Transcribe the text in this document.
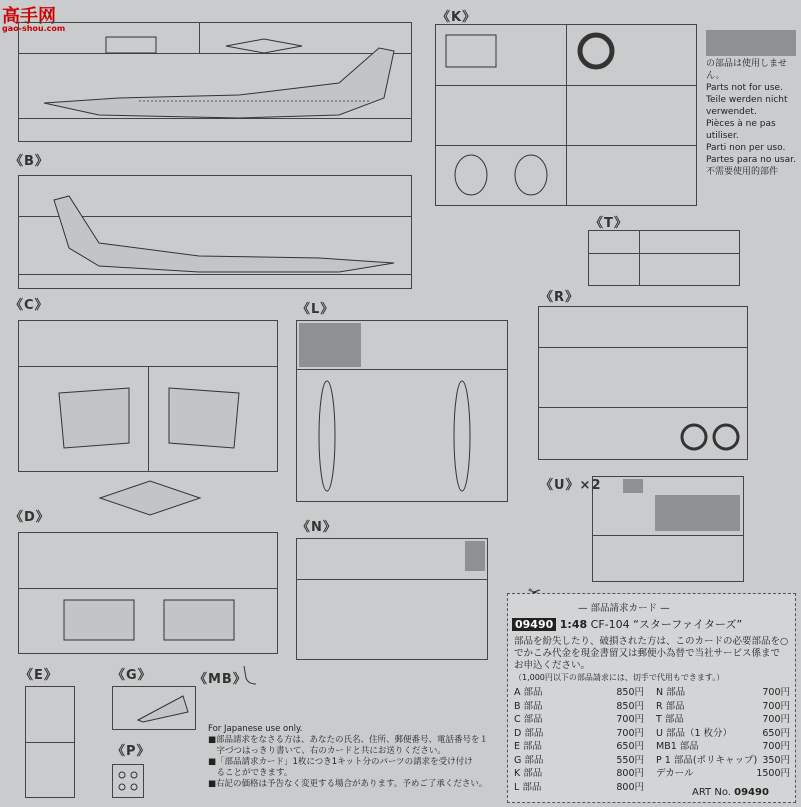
高手网
gao-shou.com
《K》
の部品は使用しません。
Parts not for use.
Teile werden nicht verwendet.
Pièces à ne pas utiliser.
Parti non per uso.
Partes para no usar.
不需要使用的部件
《B》
《T》
《C》	《L》
《R》
《U》×2
《D》
《N》
《E》	《G》	《MB》
《P》
For Japanese use only.
■部品請求をなさる方は、あなたの氏名、住所、郵便番号、電話番号を１
　字づつはっきり書いて、右のカードと共にお送りください。
■「部品請求カード」1枚につき1キット分のパーツの請求を受け付け
　ることができます。
■右記の価格は予告なく変更する場合があります。予めご了承ください。
— 部品請求カード —
09490 1:48 CF-104 “スターファイターズ”
部品を紛失したり、破損された方は、このカードの必要部品を○
でかこみ代金を現金書留又は郵便小為替で当社サービス係まで
お申込ください。
（1,000円以下の部品請求には、切手で代用もできます。）
A 部品	850円
B 部品	850円
C 部品	700円
D 部品	700円
E 部品	650円
G 部品	550円
K 部品	800円
L 部品	800円
N 部品	700円
R 部品	700円
T 部品	700円
U 部品（1 枚分）	650円
MB1 部品	700円
P 1 部品(ポリキャップ) 350円
デカール	1500円
ART No. 09490
